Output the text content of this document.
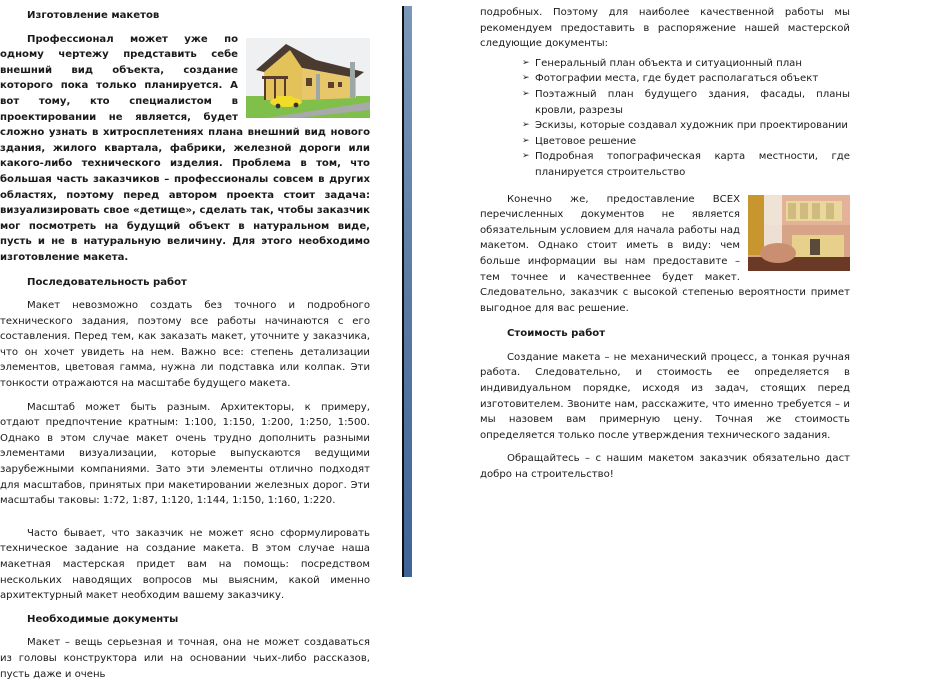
Изготовление макетов

Профессионал может уже по одному чертежу представить себе внешний вид объекта, создание которого пока только планируется. А вот тому, кто специалистом в проектировании не является, будет сложно узнать в хитросплетениях плана внешний вид нового здания, жилого квартала, фабрики, железной дороги или какого-либо технического изделия. Проблема в том, что большая часть заказчиков – профессионалы совсем в других областях, поэтому перед автором проекта стоит задача: визуализировать свое «детище», сделать так, чтобы заказчик мог посмотреть на будущий объект в натуральном виде, пусть и не в натуральную величину. Для этого необходимо изготовление макета.

Последовательность работ

Макет невозможно создать без точного и подробного технического задания, поэтому все работы начинаются с его составления. Перед тем, как заказать макет, уточните у заказчика, что он хочет увидеть на нем. Важно все: степень детализации элементов, цветовая гамма, нужна ли подставка или колпак. Эти тонкости отражаются на масштабе будущего макета.

Масштаб может быть разным. Архитекторы, к примеру, отдают предпочтение кратным: 1:100, 1:150, 1:200, 1:250, 1:500. Однако в этом случае макет очень трудно дополнить разными элементами визуализации, которые выпускаются ведущими зарубежными компаниями. Зато эти элементы отлично подходят для масштабов, принятых при макетировании железных дорог. Эти масштабы таковы: 1:72, 1:87, 1:120, 1:144, 1:150, 1:160, 1:220.

Часто бывает, что заказчик не может ясно сформулировать техническое задание на создание макета. В этом случае наша макетная мастерская придет вам на помощь: посредством нескольких наводящих вопросов мы выясним, какой именно архитектурный макет необходим вашему заказчику.

Необходимые документы

Макет – вещь серьезная и точная, она не может создаваться из головы конструктора или на основании чьих-либо рассказов, пусть даже и очень

подробных. Поэтому для наиболее качественной работы мы рекомендуем предоставить в распоряжение нашей мастерской следующие документы:

➢ Генеральный план объекта и ситуационный план
➢ Фотографии места, где будет располагаться объект
➢ Поэтажный план будущего здания, фасады, планы кровли, разрезы
➢ Эскизы, которые создавал художник при проектировании
➢ Цветовое решение
➢ Подробная топографическая карта местности, где планируется строительство

Конечно же, предоставление ВСЕХ перечисленных документов не является обязательным условием для начала работы над макетом. Однако стоит иметь в виду: чем больше информации вы нам предоставите – тем точнее и качественнее будет макет. Следовательно, заказчик с высокой степенью вероятности примет выгодное для вас решение.

Стоимость работ

Создание макета – не механический процесс, а тонкая ручная работа. Следовательно, и стоимость ее определяется в индивидуальном порядке, исходя из задач, стоящих перед изготовителем. Звоните нам, расскажите, что именно требуется – и мы назовем вам примерную цену. Точная же стоимость определяется только после утверждения технического задания.

Обращайтесь – с нашим макетом заказчик обязательно даст добро на строительство!
